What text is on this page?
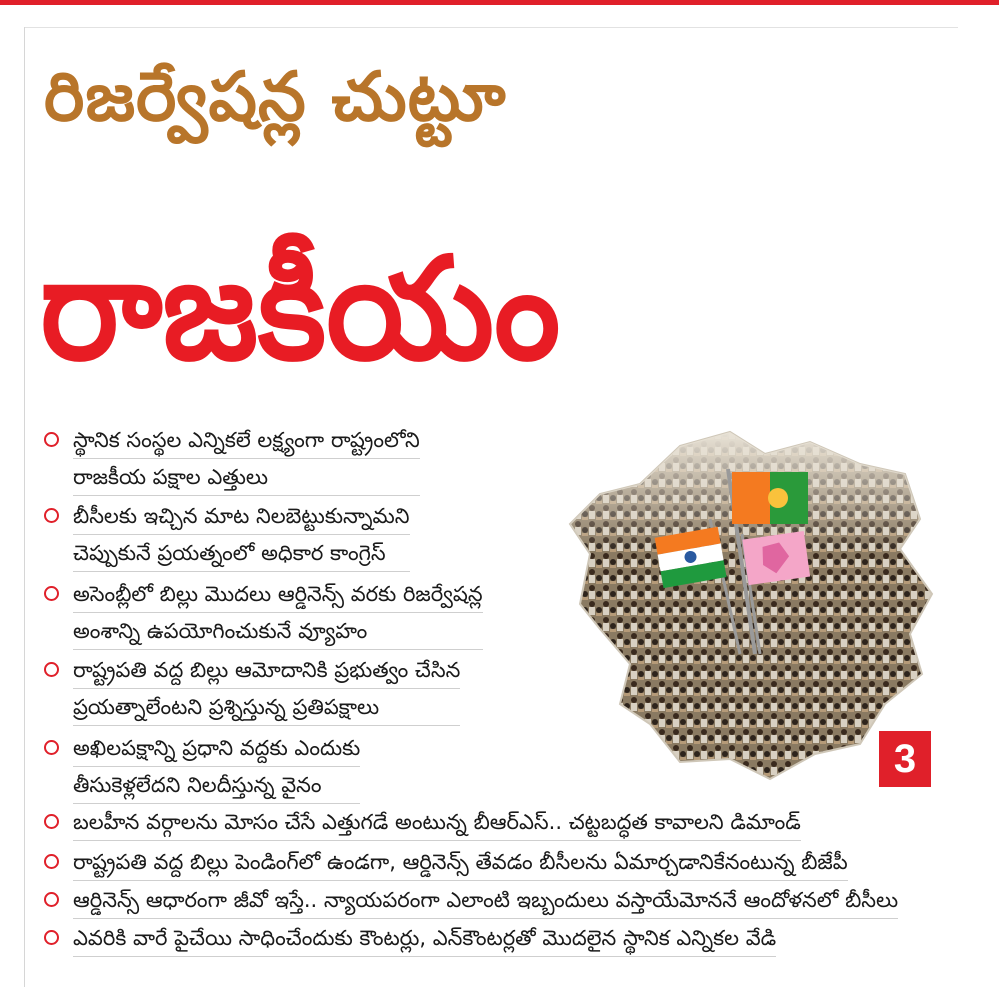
రిజర్వేషన్ల చుట్టూ
రాజకీయం
3
స్థానిక సంస్థల ఎన్నికలే లక్ష్యంగా రాష్ట్రంలోని
రాజకీయ పక్షాల ఎత్తులు
బీసీలకు ఇచ్చిన మాట నిలబెట్టుకున్నామని
చెప్పుకునే ప్రయత్నంలో అధికార కాంగ్రెస్
అసెంబ్లీలో బిల్లు మొదలు ఆర్డినెన్స్ వరకు రిజర్వేషన్ల
అంశాన్ని ఉపయోగించుకునే వ్యూహం
రాష్ట్రపతి వద్ద బిల్లు ఆమోదానికి ప్రభుత్వం చేసిన
ప్రయత్నాలేంటని ప్రశ్నిస్తున్న ప్రతిపక్షాలు
అఖిలపక్షాన్ని ప్రధాని వద్దకు ఎందుకు
తీసుకెళ్లలేదని నిలదీస్తున్న వైనం
బలహీన వర్గాలను మోసం చేసే ఎత్తుగడే అంటున్న బీఆర్ఎస్.. చట్టబద్ధత కావాలని డిమాండ్
రాష్ట్రపతి వద్ద బిల్లు పెండింగ్‌లో ఉండగా, ఆర్డినెన్స్ తేవడం బీసీలను ఏమార్చడానికేనంటున్న బీజేపీ
ఆర్డినెన్స్ ఆధారంగా జీవో ఇస్తే.. న్యాయపరంగా ఎలాంటి ఇబ్బందులు వస్తాయేమోననే ఆందోళనలో బీసీలు
ఎవరికి వారే పైచేయి సాధించేందుకు కౌంటర్లు, ఎన్‌కౌంటర్లతో మొదలైన స్థానిక ఎన్నికల వేడి
